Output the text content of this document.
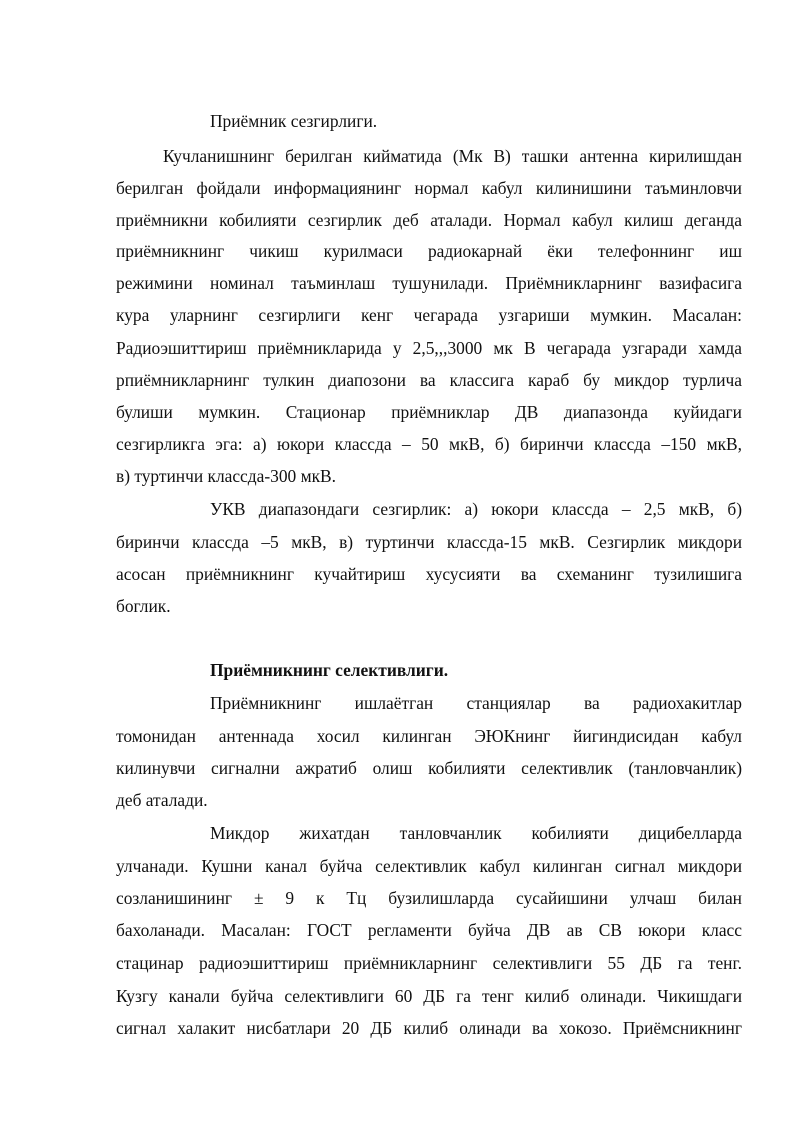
Приёмник сезгирлиги.
Кучланишнинг берилган кийматида (Мк В) ташки антенна кирилишдан
берилган фойдали информациянинг нормал кабул килинишини таъминловчи
приёмникни кобилияти сезгирлик деб аталади. Нормал кабул килиш деганда
приёмникнинг чикиш курилмаси радиокарнай ёки телефоннинг иш
режимини номинал таъминлаш тушунилади. Приёмникларнинг вазифасига
кура уларнинг сезгирлиги кенг чегарада узгариши мумкин. Масалан:
Радиоэшиттириш приёмникларида у 2,5,,,3000 мк В чегарада узгаради хамда
рпиёмникларнинг тулкин диапозони ва классига караб бу микдор турлича
булиши мумкин. Стационар приёмниклар ДВ диапазонда куйидаги
сезгирликга эга: а) юкори классда – 50 мкВ, б) биринчи классда –150 мкВ,
в) туртинчи классда-300 мкВ.
УКВ диапазондаги сезгирлик: а) юкори классда – 2,5 мкВ, б)
биринчи классда –5 мкВ, в) туртинчи классда-15 мкВ. Сезгирлик микдори
асосан приёмникнинг кучайтириш хусусияти ва схеманинг тузилишига
боглик.
Приёмникнинг селективлиги.
Приёмникнинг ишлаётган станциялар ва радиохакитлар
томонидан антеннада хосил килинган ЭЮКнинг йигиндисидан кабул
килинувчи сигнални ажратиб олиш кобилияти селективлик (танловчанлик)
деб аталади.
Микдор жихатдан танловчанлик кобилияти дицибелларда
улчанади. Кушни канал буйча селективлик кабул килинган сигнал микдори
созланишининг ± 9 к Тц бузилишларда сусайишини улчаш билан
бахоланади. Масалан: ГОСТ регламенти буйча ДВ ав СВ юкори класс
стацинар радиоэшиттириш приёмникларнинг селективлиги 55 ДБ га тенг.
Кузгу канали буйча селективлиги 60 ДБ га тенг килиб олинади. Чикишдаги
сигнал халакит нисбатлари 20 ДБ килиб олинади ва хокозо. Приёмсникнинг
